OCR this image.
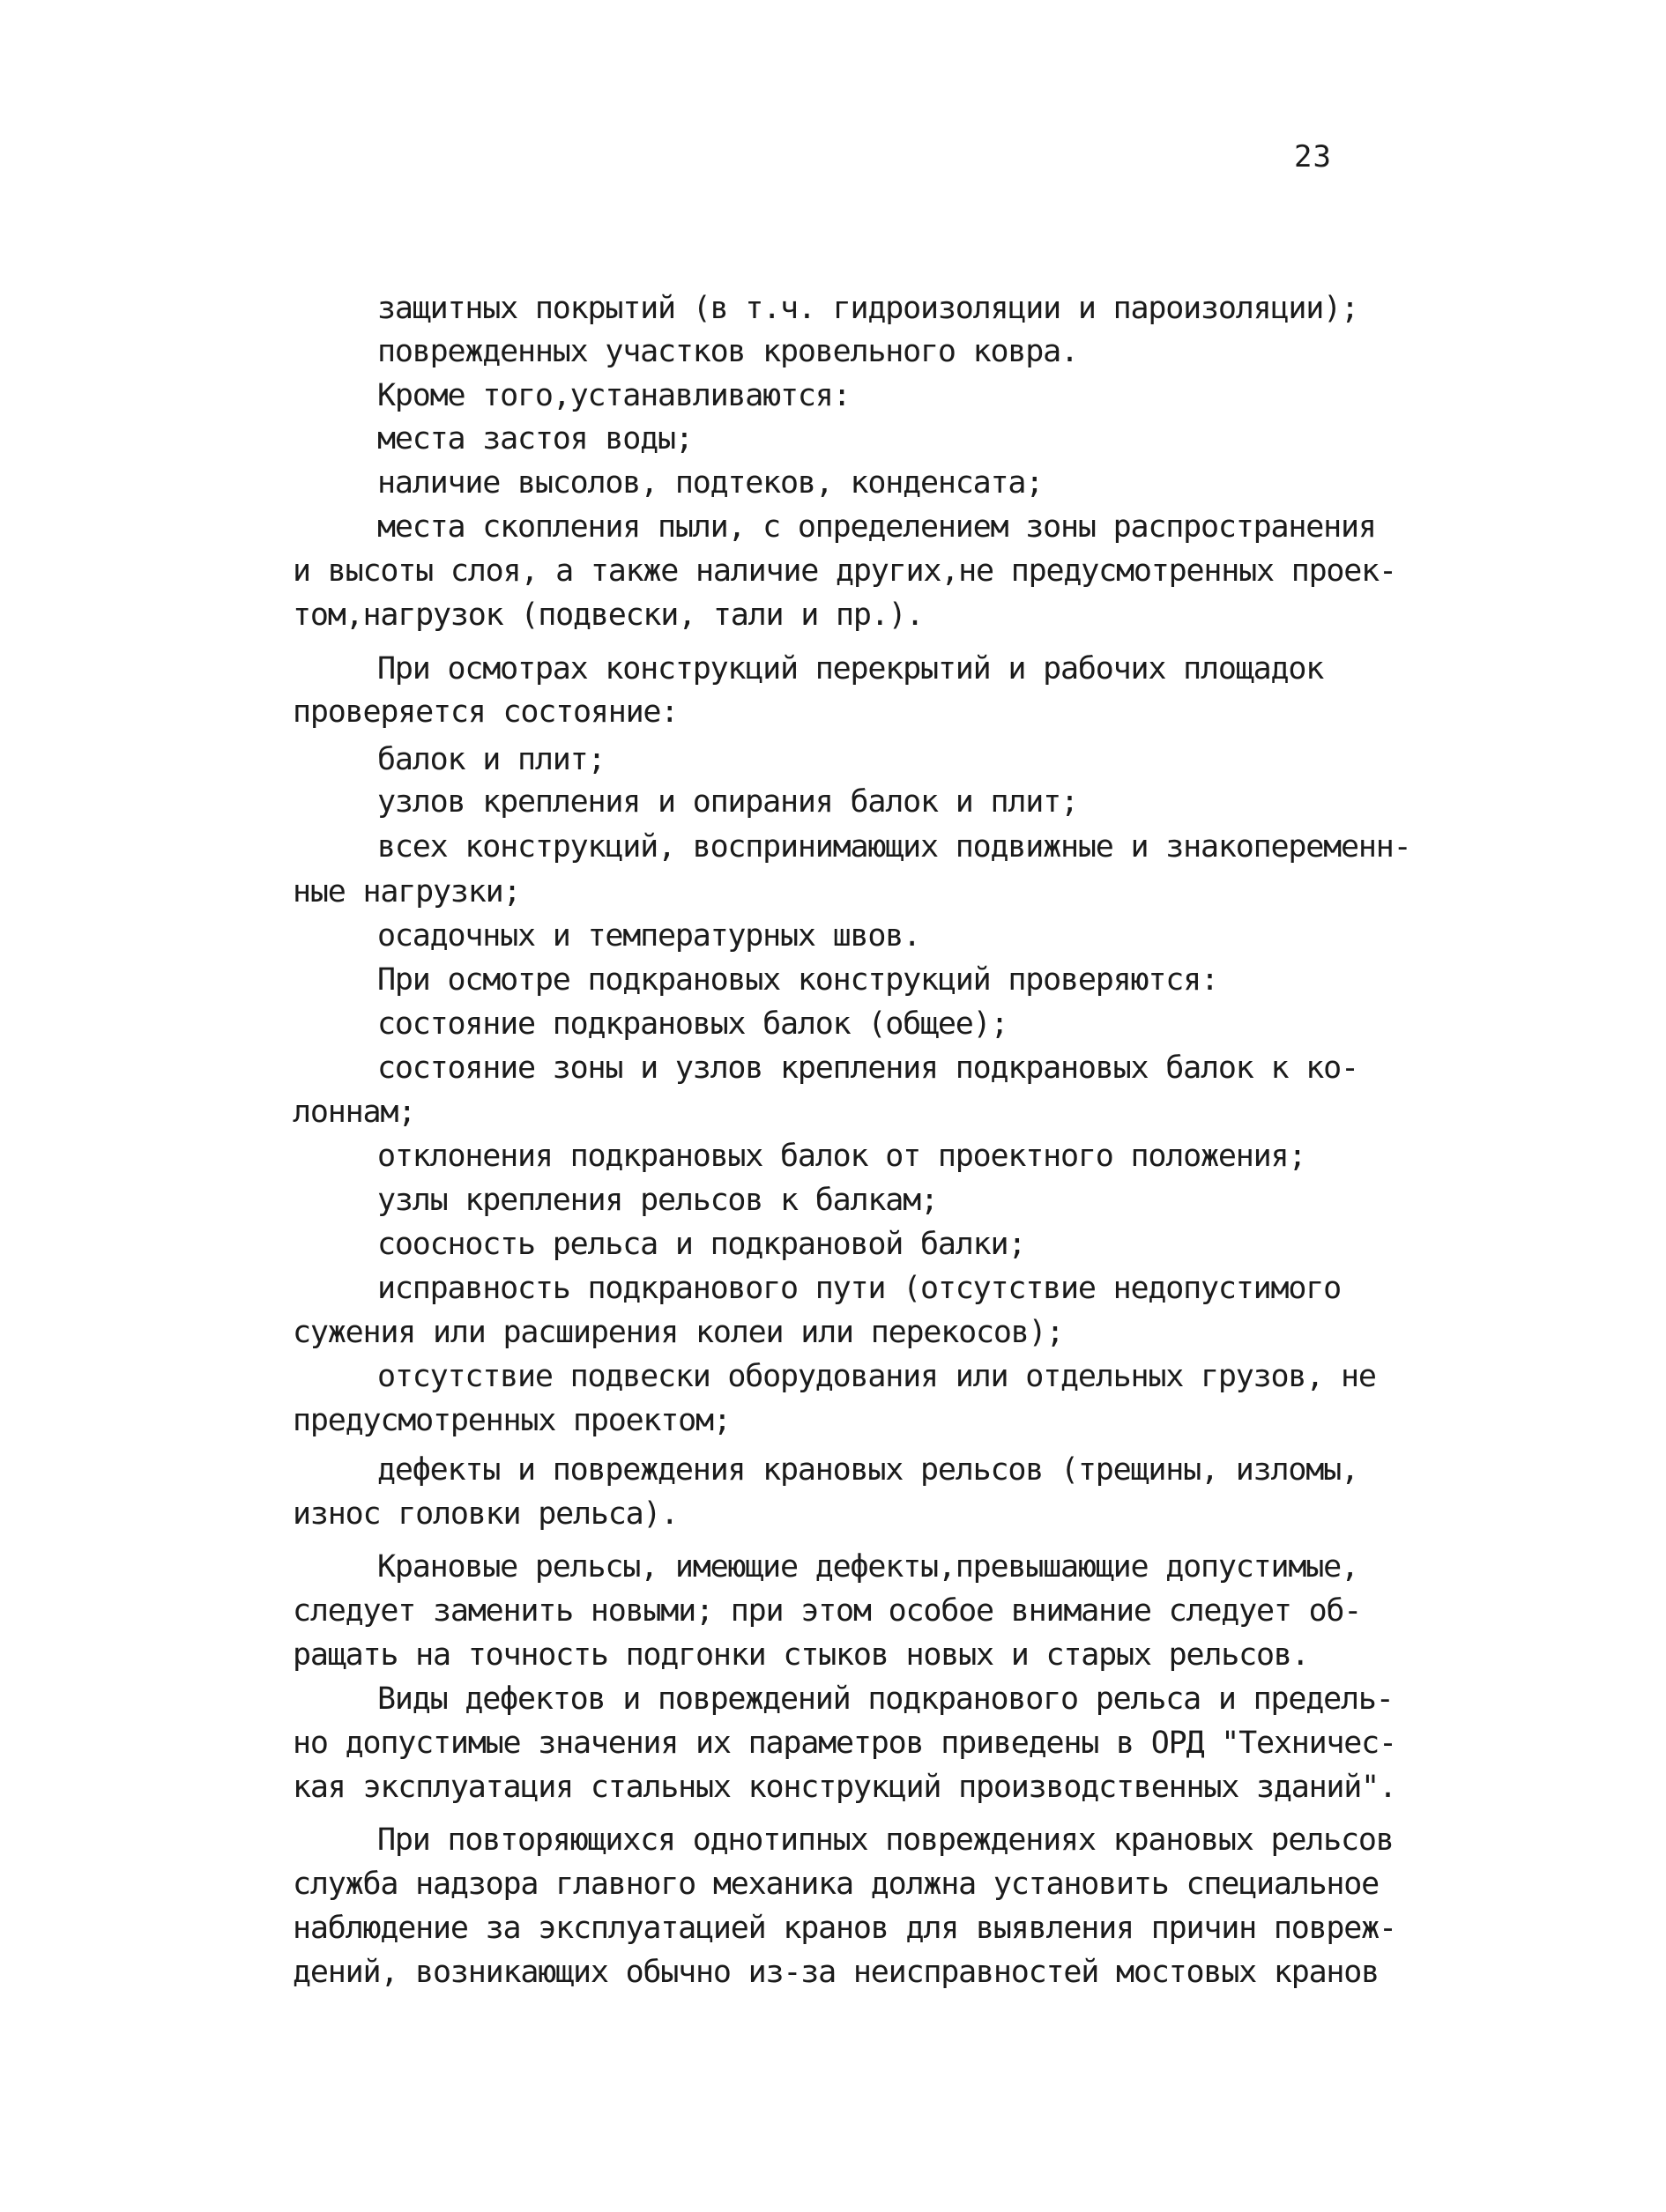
23
защитных покрытий (в т.ч. гидроизоляции и пароизоляции);
поврежденных участков кровельного ковра.
Кроме того,устанавливаются:
места застоя воды;
наличие высолов, подтеков, конденсата;
места скопления пыли, с определением зоны распространения
и высоты слоя, а также наличие других,не предусмотренных проек-
том,нагрузок (подвески, тали и пр.).
При осмотрах конструкций перекрытий и рабочих площадок
проверяется состояние:
балок и плит;
узлов крепления и опирания балок и плит;
всех конструкций, воспринимающих подвижные и знакопеременн-
ные нагрузки;
осадочных и температурных швов.
При осмотре подкрановых конструкций проверяются:
состояние подкрановых балок (общее);
состояние зоны и узлов крепления подкрановых балок к ко-
лоннам;
отклонения подкрановых балок от проектного положения;
узлы крепления рельсов к балкам;
соосность рельса и подкрановой балки;
исправность подкранового пути (отсутствие недопустимого
сужения или расширения колеи или перекосов);
отсутствие подвески оборудования или отдельных грузов, не
предусмотренных проектом;
дефекты и повреждения крановых рельсов (трещины, изломы,
износ головки рельса).
Крановые рельсы, имеющие дефекты,превышающие допустимые,
следует заменить новыми; при этом особое внимание следует об-
ращать на точность подгонки стыков новых и старых рельсов.
Виды дефектов и повреждений подкранового рельса и предель-
но допустимые значения их параметров приведены в ОРД "Техничес-
кая эксплуатация стальных конструкций производственных зданий".
При повторяющихся однотипных повреждениях крановых рельсов
служба надзора главного механика должна установить специальное
наблюдение за эксплуатацией кранов для выявления причин повреж-
дений, возникающих обычно из-за неисправностей мостовых кранов
